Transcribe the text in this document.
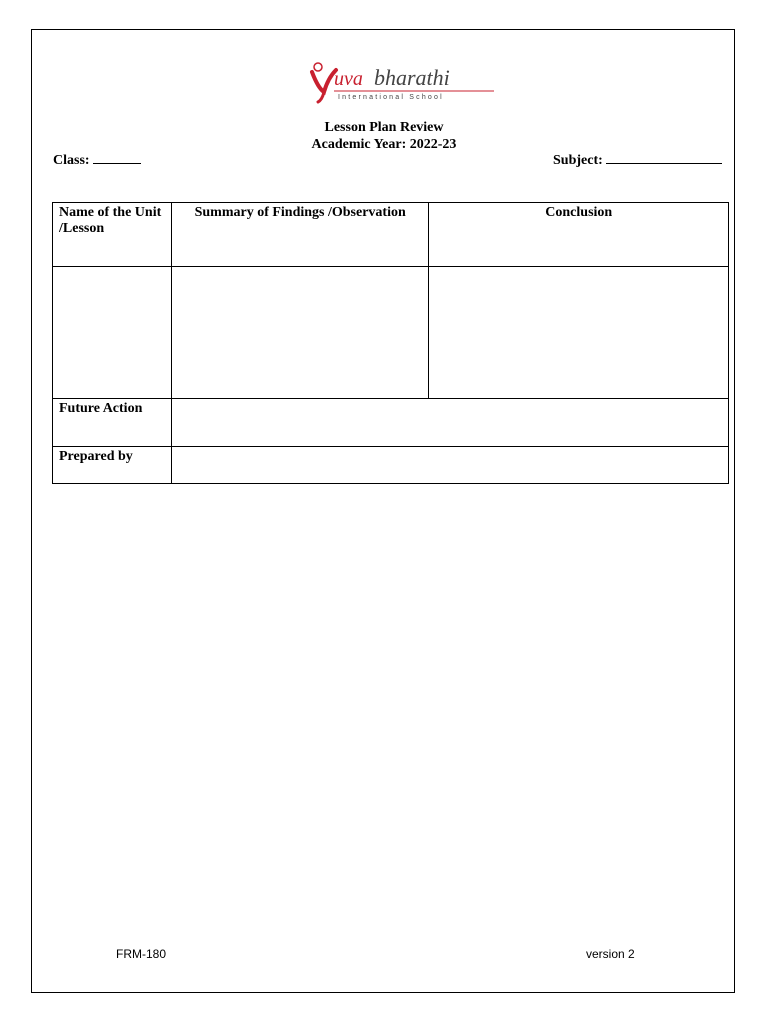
uva bharathi
International School
Lesson Plan Review
Academic Year: 2022-23
Class:	Subject:
Name of the Unit /Lesson	Summary of Findings /Observation	Conclusion

Future Action		
Prepared by		
FRM-180	version 2
